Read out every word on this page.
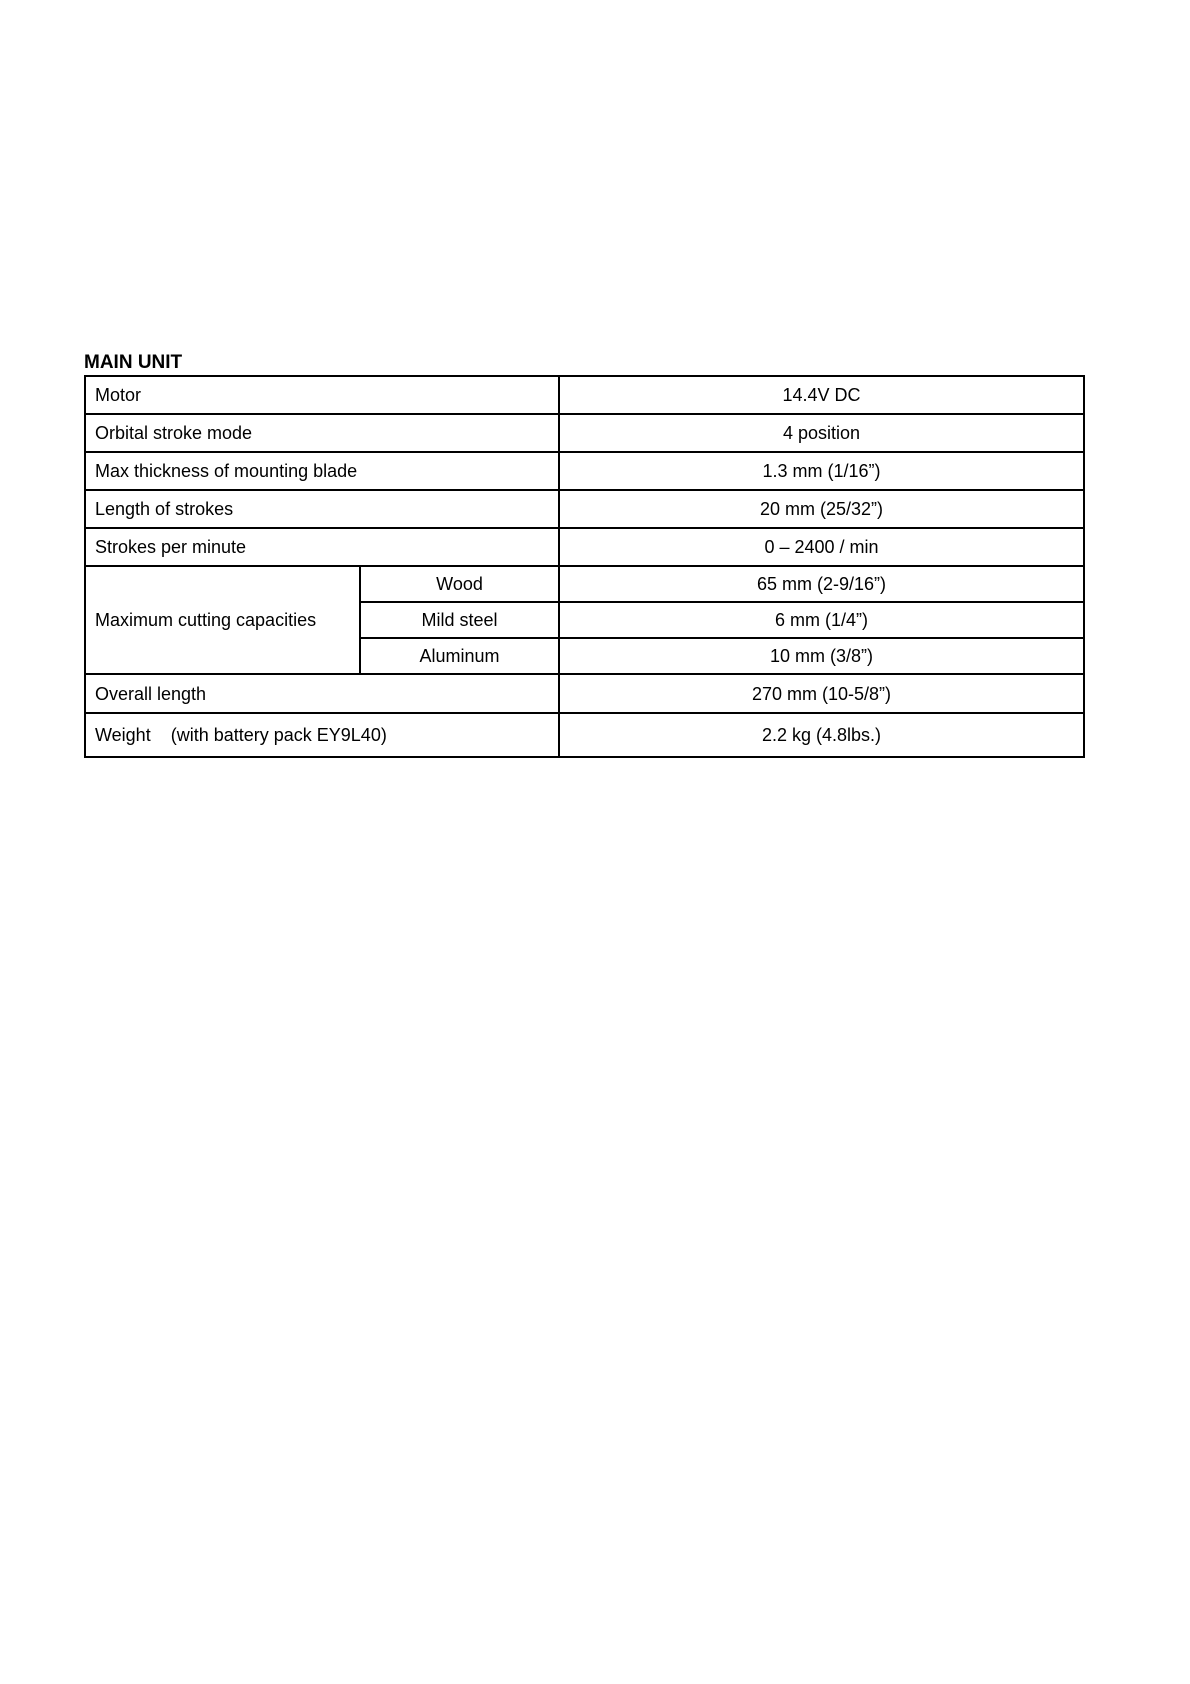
MAIN UNIT
Motor		14.4V DC
Orbital stroke mode		4 position
Max thickness of mounting blade		1.3 mm (1/16”)
Length of strokes		20 mm (25/32”)
Strokes per minute		0 – 2400 / min
Maximum cutting capacities	Wood	65 mm (2-9/16”)
	Mild steel	6 mm (1/4”)
	Aluminum	10 mm (3/8”)
Overall length		270 mm (10-5/8”)
Weight (with battery pack EY9L40)		2.2 kg (4.8lbs.)
